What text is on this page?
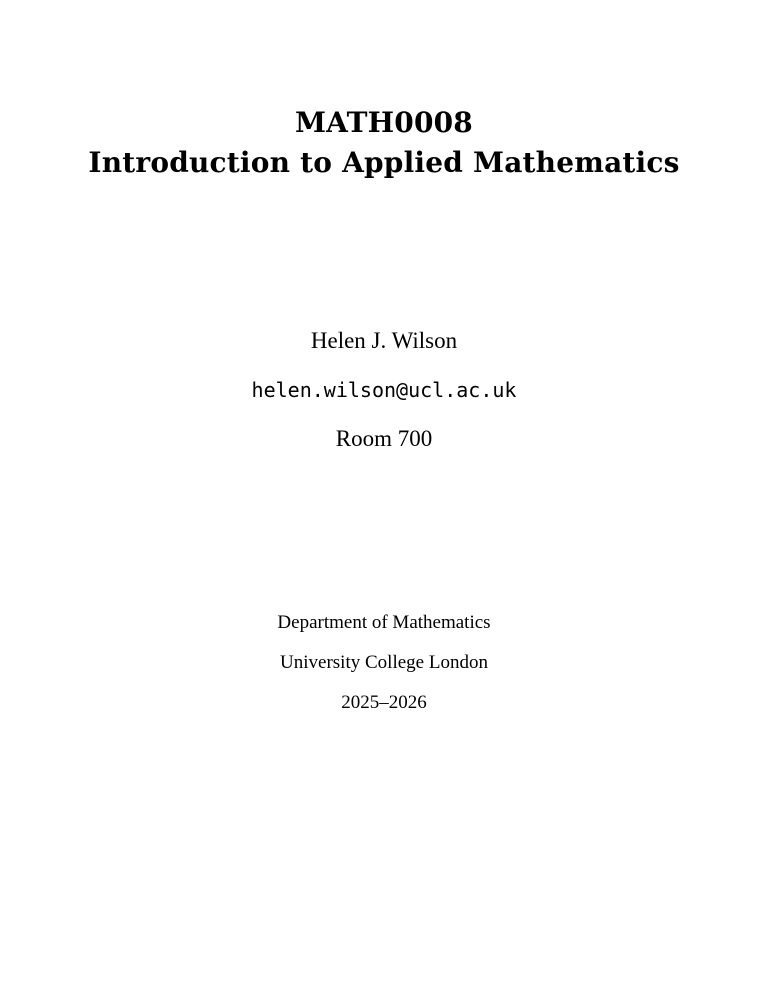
MATH0008
Introduction to Applied Mathematics
Helen J. Wilson
helen.wilson@ucl.ac.uk
Room 700
Department of Mathematics
University College London
2025–2026
